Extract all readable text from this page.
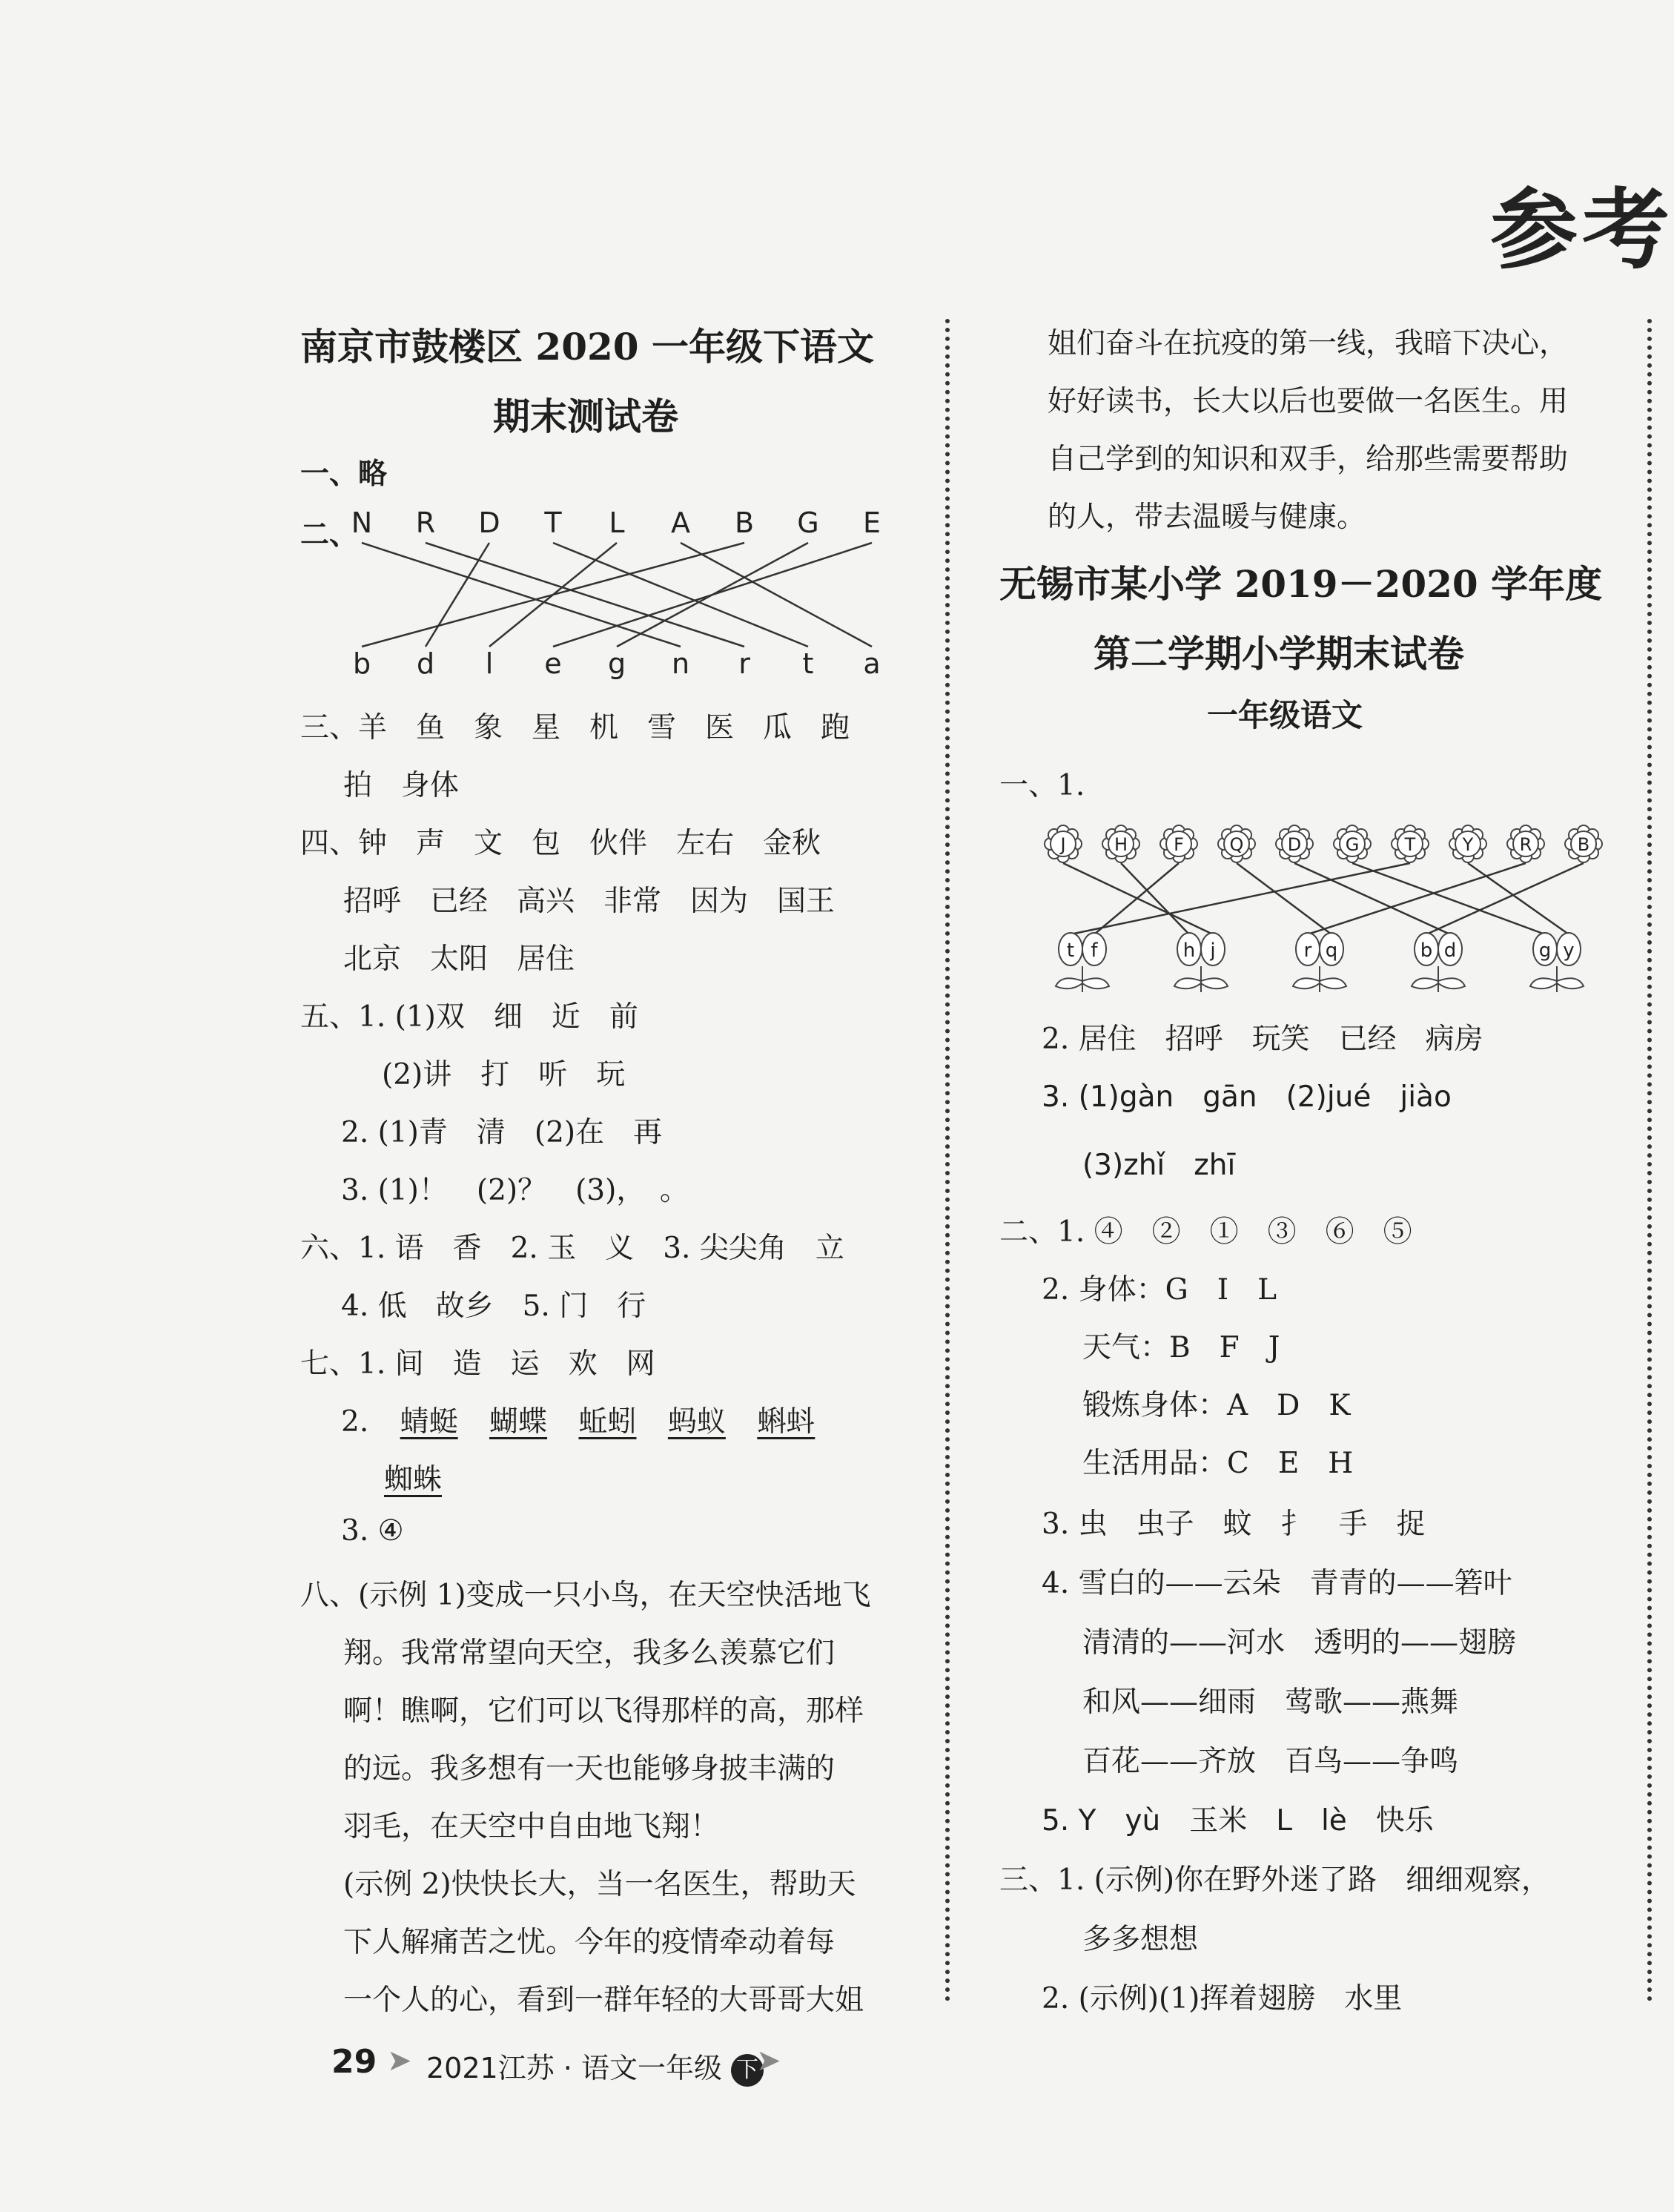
参考
南京市鼓楼区 2020 一年级下语文
期末测试卷
一、略
二、
N R D T L A B G E
b d l e g n r t a
三、羊　鱼　象　星　机　雪　医　瓜　跑
拍　身体
四、钟　声　文　包　伙伴　左右　金秋
招呼　已经　高兴　非常　因为　国王
北京　太阳　居住
五、1. (1)双　细　近　前
(2)讲　打　听　玩
2. (1)青　清　(2)在　再
3. (1)！　(2)？　(3)，　。
六、1. 语　香　2. 玉　义　3. 尖尖角　立
4. 低　故乡　5. 门　行
七、1. 间　造　运　欢　网
2. 蜻蜓 蝴蝶 蚯蚓 蚂蚁 蝌蚪
蜘蛛
3. ④
八、(示例 1)变成一只小鸟，在天空快活地飞
翔。我常常望向天空，我多么羡慕它们
啊！瞧啊，它们可以飞得那样的高，那样
的远。我多想有一天也能够身披丰满的
羽毛，在天空中自由地飞翔！
(示例 2)快快长大，当一名医生，帮助天
下人解痛苦之忧。今年的疫情牵动着每
一个人的心，看到一群年轻的大哥哥大姐
姐们奋斗在抗疫的第一线，我暗下决心，
好好读书，长大以后也要做一名医生。用
自己学到的知识和双手，给那些需要帮助
的人，带去温暖与健康。
无锡市某小学 2019－2020 学年度
第二学期小学期末试卷
一年级语文
一、1.
J	H	F	Q D G	T	Y	R	B
t f	h j	r q	b d	g y
2. 居住　招呼　玩笑　已经　病房
3. (1)gàn　gān　(2)jué　jiào
(3)zhǐ　zhī
二、1. ④　②　①　③　⑥　⑤
2. 身体：G　I　L
天气：B　F　J
锻炼身体：A　D　K
生活用品：C　E　H
3. 虫　虫子　蚊　扌　手　捉
4. 雪白的——云朵　青青的——箬叶
清清的——河水　透明的——翅膀
和风——细雨　莺歌——燕舞
百花——齐放　百鸟——争鸣
5. Y　yù　玉米　L　lè　快乐
三、1. (示例)你在野外迷了路　细细观察，
多多想想
2. (示例)(1)挥着翅膀　水里
29 ➤ 2021江苏 · 语文一年级 下
➤
